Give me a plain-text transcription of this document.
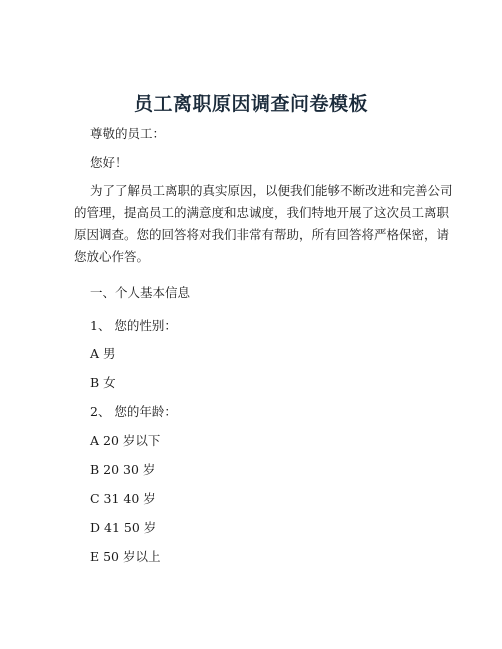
员工离职原因调查问卷模板
尊敬的员工：
您好！
为了了解员工离职的真实原因，以便我们能够不断改进和完善公司
的管理，提高员工的满意度和忠诚度，我们特地开展了这次员工离职
原因调查。您的回答将对我们非常有帮助，所有回答将严格保密，请
您放心作答。
一、个人基本信息
1、 您的性别：
A 男
B 女
2、 您的年龄：
A 20 岁以下
B 20 30 岁
C 31 40 岁
D 41 50 岁
E 50 岁以上
